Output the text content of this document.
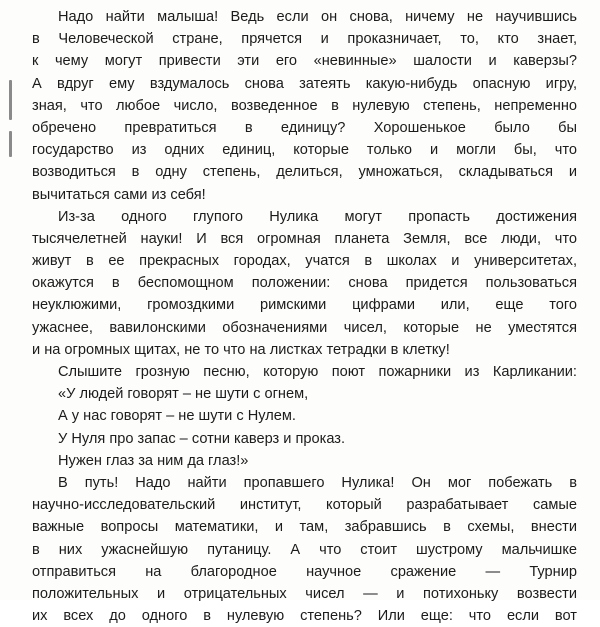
Надо найти малыша! Ведь если он снова, ничему не научившись
в Человеческой стране, прячется и проказничает, то, кто знает,
к чему могут привести эти его «невинные» шалости и каверзы?
А вдруг ему вздумалось снова затеять какую-нибудь опасную игру,
зная, что любое число, возведенное в нулевую степень, непременно
обречено превратиться в единицу? Хорошенькое было бы
государство из одних единиц, которые только и могли бы, что
возводиться в одну степень, делиться, умножаться, складываться и
вычитаться сами из себя!
Из-за одного глупого Нулика могут пропасть достижения
тысячелетней науки! И вся огромная планета Земля, все люди, что
живут в ее прекрасных городах, учатся в школах и университетах,
окажутся в беспомощном положении: снова придется пользоваться
неуклюжими, громоздкими римскими цифрами или, еще того
ужаснее, вавилонскими обозначениями чисел, которые не уместятся
и на огромных щитах, не то что на листках тетрадки в клетку!
Слышите грозную песню, которую поют пожарники из Карликании:
«У людей говорят – не шути с огнем,
А у нас говорят – не шути с Нулем.
У Нуля про запас – сотни каверз и проказ.
Нужен глаз за ним да глаз!»
В путь! Надо найти пропавшего Нулика! Он мог побежать в
научно-исследовательский институт, который разрабатывает самые
важные вопросы математики, и там, забравшись в схемы, внести
в них ужаснейшую путаницу. А что стоит шустрому мальчишке
отправиться на благородное научное сражение — Турнир
положительных и отрицательных чисел — и потихоньку возвести
их всех до одного в нулевую степень? Или еще: что если вот
